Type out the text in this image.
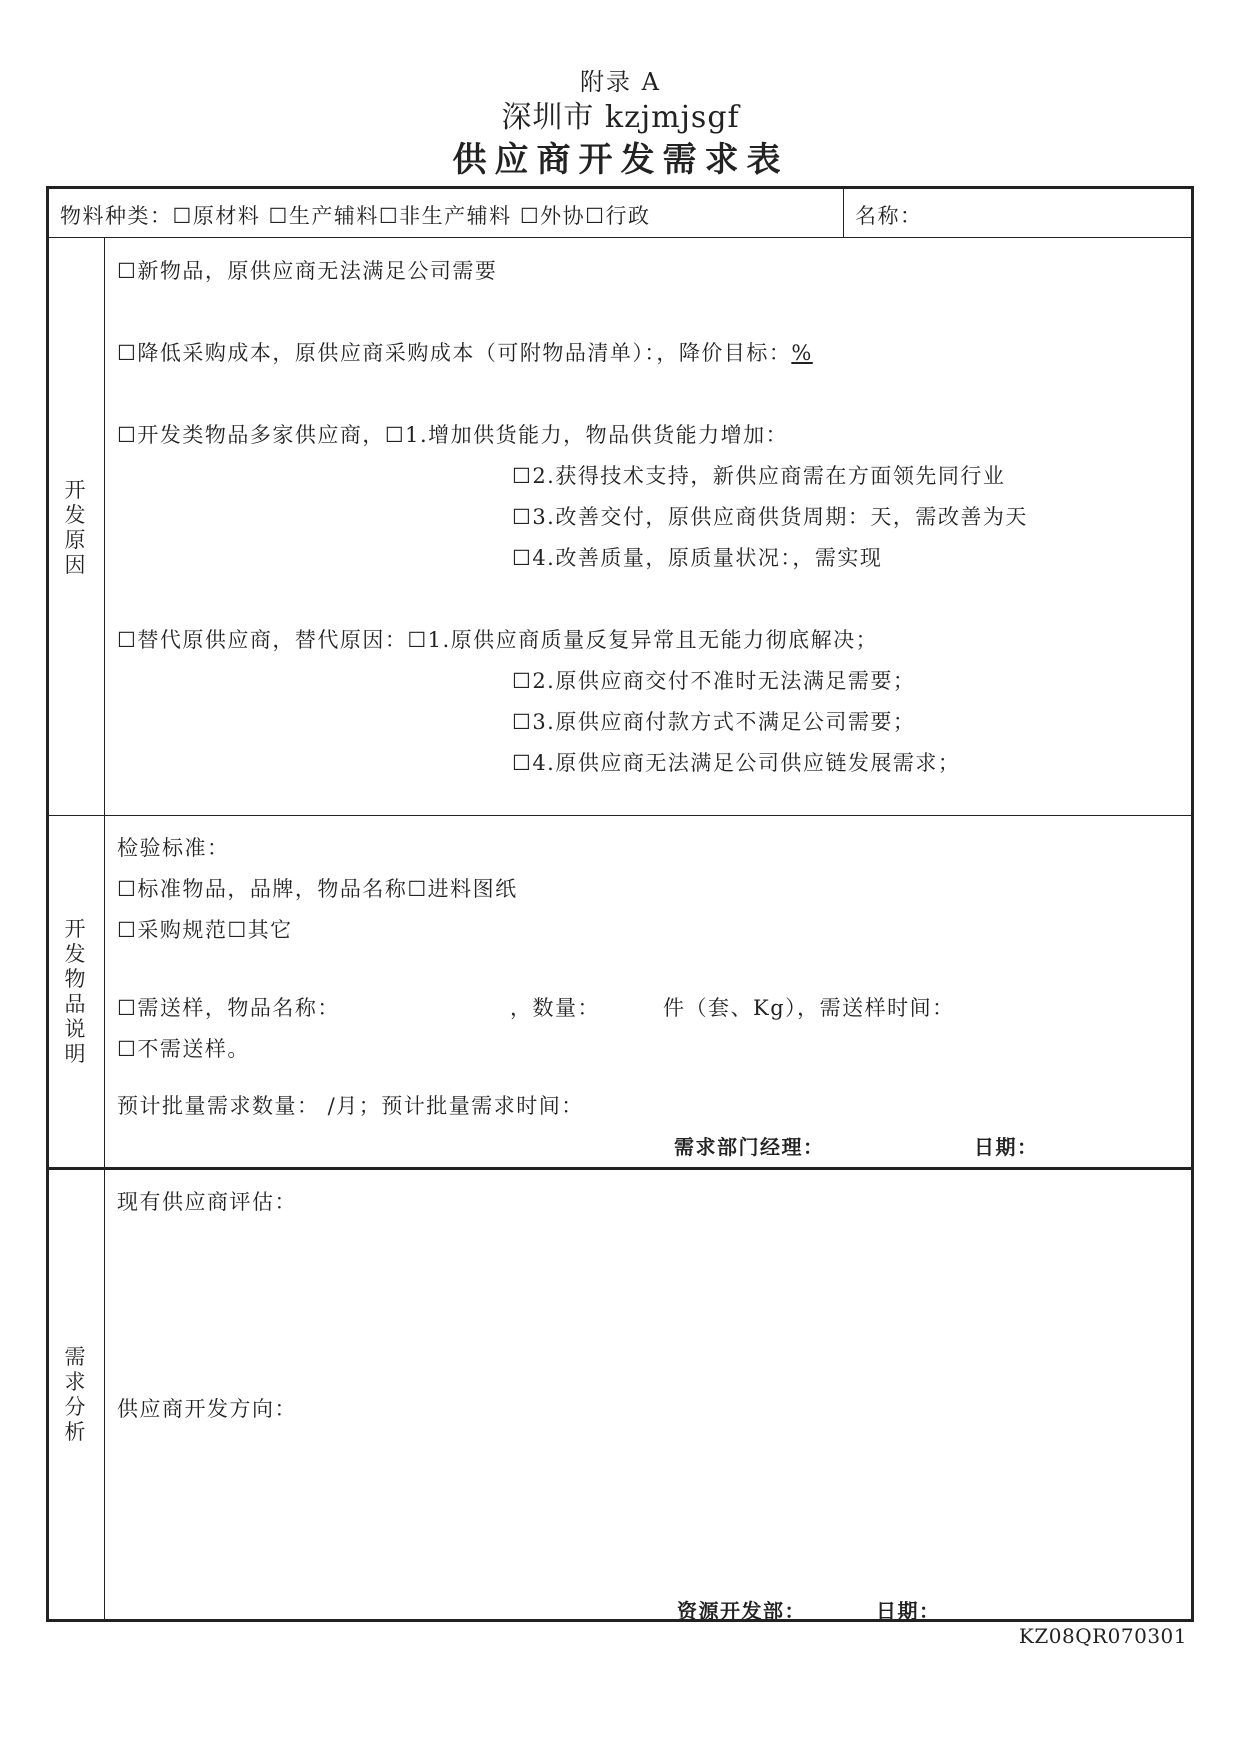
附录 A
深圳市 kzjmjsgf
供应商开发需求表
物料种类：☐原材料 ☐生产辅料☐非生产辅料 ☐外协☐行政	名称：
开
发
原
因
☐新物品，原供应商无法满足公司需要
☐降低采购成本，原供应商采购成本（可附物品清单）：，降价目标：%
☐开发类物品多家供应商，☐1.增加供货能力，物品供货能力增加：
☐2.获得技术支持，新供应商需在方面领先同行业
☐3.改善交付，原供应商供货周期：天，需改善为天
☐4.改善质量，原质量状况：，需实现
☐替代原供应商，替代原因：☐1.原供应商质量反复异常且无能力彻底解决；
☐2.原供应商交付不准时无法满足需要；
☐3.原供应商付款方式不满足公司需要；
☐4.原供应商无法满足公司供应链发展需求；
开
发
物
品
说
明
检验标准：
☐标准物品，品牌，物品名称☐进料图纸
☐采购规范☐其它
☐需送样，物品名称：	，数量：	件（套、Kg），需送样时间：
☐不需送样。
预计批量需求数量： /月；预计批量需求时间：
需求部门经理：	日期：
需
求
分
析
现有供应商评估：
供应商开发方向：
资源开发部：	日期：
KZ08QR070301
